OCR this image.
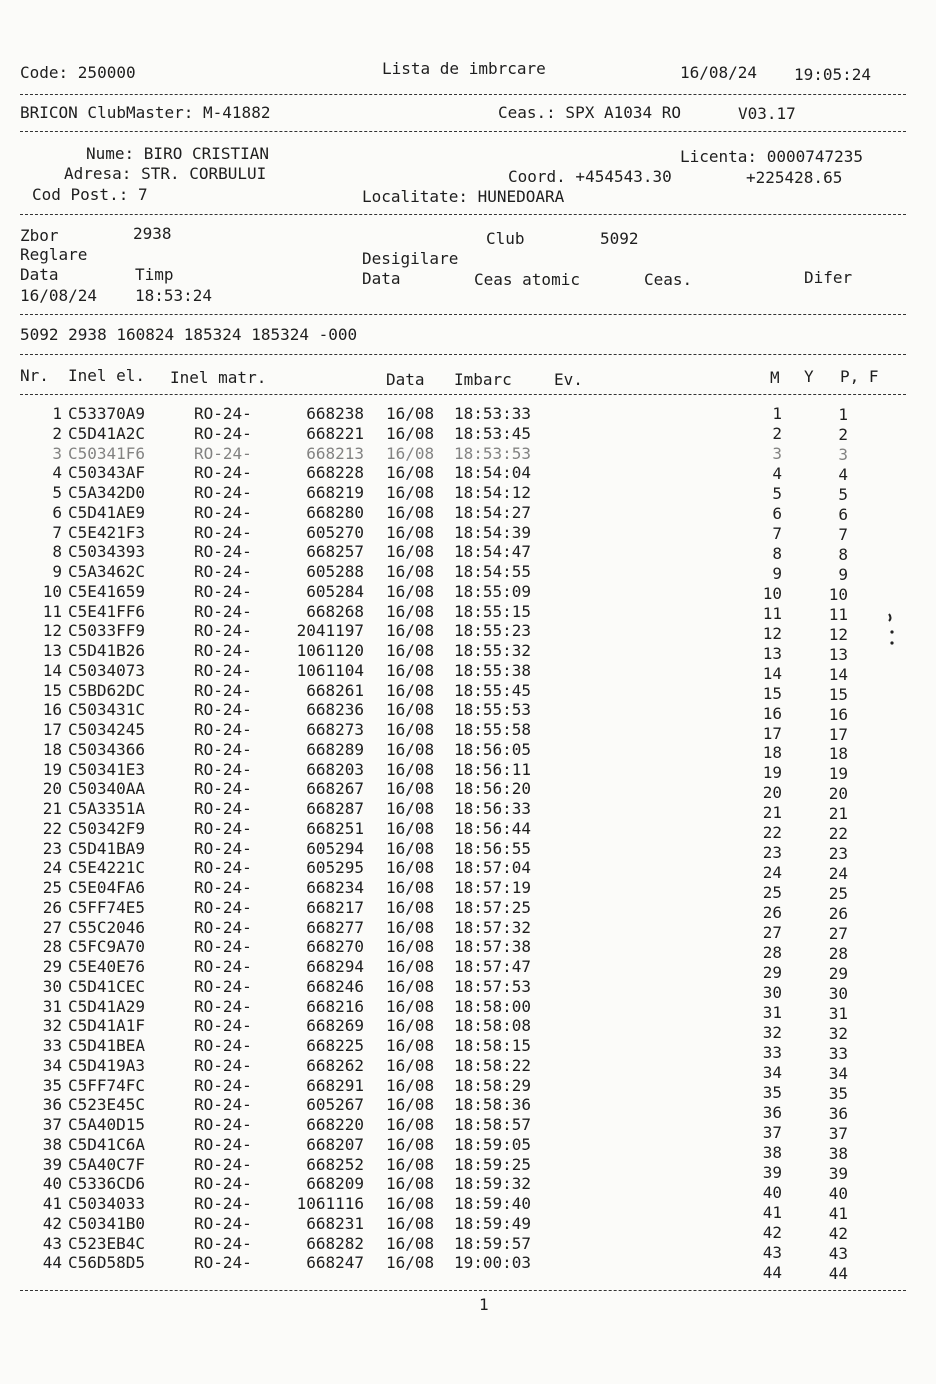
Code: 250000	Lista de imbrcare	16/08/24 19:05:24
BRICON ClubMaster: M-41882	Ceas.: SPX A1034 RO	V03.17
Nume: BIRO CRISTIAN	Licenta: 0000747235
Adresa: STR. CORBULUI	Coord. +454543.30	+225428.65
Cod Post.: 7	Localitate: HUNEDOARA
Zbor	2938	Club	5092
Reglare	Desigilare
Data	Timp	Data	Ceas atomic	Ceas.	Difer
16/08/24 18:53:24
5092 2938 160824 185324 185324 -000
Nr. Inel el. Inel matr.	Data Imbarc	Ev.	M Y P, F
1 C53370A9	RO-24-	668238 16/08 18:53:33	1	1
2 C5D41A2C	RO-24-	668221 16/08 18:53:45	2	2
3 C50341F6	RO-24-	668213 16/08 18:53:53	3	3
4 C50343AF	RO-24-	668228 16/08 18:54:04	4	4
5 C5A342D0	RO-24-	668219 16/08 18:54:12	5	5
6 C5D41AE9	RO-24-	668280 16/08 18:54:27	6	6
7 C5E421F3	RO-24-	605270 16/08 18:54:39	7	7
8 C5034393	RO-24-	668257 16/08 18:54:47	8	8
9 C5A3462C	RO-24-	605288 16/08 18:54:55	9	9
10 C5E41659	RO-24-	605284 16/08 18:55:09	10	10
11 C5E41FF6	RO-24-	668268 16/08 18:55:15	11	11
12 C5033FF9	RO-24-	2041197 16/08 18:55:23	12	12
13 C5D41B26	RO-24-	1061120 16/08 18:55:32	13	13
14 C5034073	RO-24-	1061104 16/08 18:55:38	14	14
15 C5BD62DC	RO-24-	668261 16/08 18:55:45	15	15
16 C503431C	RO-24-	668236 16/08 18:55:53	16	16
17 C5034245	RO-24-	668273 16/08 18:55:58	17	17
18 C5034366	RO-24-	668289 16/08 18:56:05	18	18
19 C50341E3	RO-24-	668203 16/08 18:56:11	19	19
20 C50340AA	RO-24-	668267 16/08 18:56:20	20	20
21 C5A3351A	RO-24-	668287 16/08 18:56:33	21	21
22 C50342F9	RO-24-	668251 16/08 18:56:44	22	22
23 C5D41BA9	RO-24-	605294 16/08 18:56:55	23	23
24 C5E4221C	RO-24-	605295 16/08 18:57:04	24	24
25 C5E04FA6	RO-24-	668234 16/08 18:57:19	25	25
26 C5FF74E5	RO-24-	668217 16/08 18:57:25	26	26
27 C55C2046	RO-24-	668277 16/08 18:57:32	27	27
28 C5FC9A70	RO-24-	668270 16/08 18:57:38	28	28
29 C5E40E76	RO-24-	668294 16/08 18:57:47	29	29
30 C5D41CEC	RO-24-	668246 16/08 18:57:53	30	30
31 C5D41A29	RO-24-	668216 16/08 18:58:00	31	31
32 C5D41A1F	RO-24-	668269 16/08 18:58:08	32	32
33 C5D41BEA	RO-24-	668225 16/08 18:58:15	33	33
34 C5D419A3	RO-24-	668262 16/08 18:58:22	34	34
35 C5FF74FC	RO-24-	668291 16/08 18:58:29	35	35
36 C523E45C	RO-24-	605267 16/08 18:58:36	36	36
37 C5A40D15	RO-24-	668220 16/08 18:58:57	37	37
38 C5D41C6A	RO-24-	668207 16/08 18:59:05	38	38
39 C5A40C7F	RO-24-	668252 16/08 18:59:25	39	39
40 C5336CD6	RO-24-	668209 16/08 18:59:32	40	40
41 C5034033	RO-24-	1061116 16/08 18:59:40	41	41
42 C50341B0	RO-24-	668231 16/08 18:59:49	42	42
43 C523EB4C	RO-24-	668282 16/08 18:59:57	43	43
44 C56D58D5	RO-24-	668247 16/08 19:00:03	44	44
1
